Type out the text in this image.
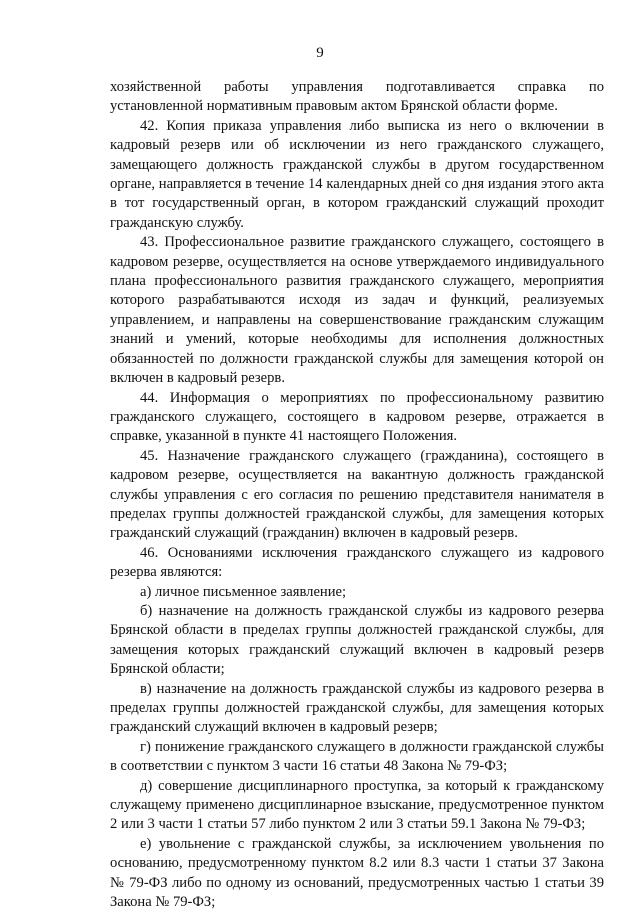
9

хозяйственной работы управления подготавливается справка по установленной нормативным правовым актом Брянской области форме.

42. Копия приказа управления либо выписка из него о включении в кадровый резерв или об исключении из него гражданского служащего, замещающего должность гражданской службы в другом государственном органе, направляется в течение 14 календарных дней со дня издания этого акта в тот государственный орган, в котором гражданский служащий проходит гражданскую службу.

43. Профессиональное развитие гражданского служащего, состоящего в кадровом резерве, осуществляется на основе утверждаемого индивидуального плана профессионального развития гражданского служащего, мероприятия которого разрабатываются исходя из задач и функций, реализуемых управлением, и направлены на совершенствование гражданским служащим знаний и умений, которые необходимы для исполнения должностных обязанностей по должности гражданской службы для замещения которой он включен в кадровый резерв.

44. Информация о мероприятиях по профессиональному развитию гражданского служащего, состоящего в кадровом резерве, отражается в справке, указанной в пункте 41 настоящего Положения.

45. Назначение гражданского служащего (гражданина), состоящего в кадровом резерве, осуществляется на вакантную должность гражданской службы управления с его согласия по решению представителя нанимателя в пределах группы должностей гражданской службы, для замещения которых гражданский служащий (гражданин) включен в кадровый резерв.

46. Основаниями исключения гражданского служащего из кадрового резерва являются:

а) личное письменное заявление;

б) назначение на должность гражданской службы из кадрового резерва Брянской области в пределах группы должностей гражданской службы, для замещения которых гражданский служащий включен в кадровый резерв Брянской области;

в) назначение на должность гражданской службы из кадрового резерва в пределах группы должностей гражданской службы, для замещения которых гражданский служащий включен в кадровый резерв;

г) понижение гражданского служащего в должности гражданской службы в соответствии с пунктом 3 части 16 статьи 48 Закона № 79-ФЗ;

д) совершение дисциплинарного проступка, за который к гражданскому служащему применено дисциплинарное взыскание, предусмотренное пунктом 2 или 3 части 1 статьи 57 либо пунктом 2 или 3 статьи 59.1 Закона № 79-ФЗ;

е) увольнение с гражданской службы, за исключением увольнения по основанию, предусмотренному пунктом 8.2 или 8.3 части 1 статьи 37 Закона № 79-ФЗ либо по одному из оснований, предусмотренных частью 1 статьи 39 Закона № 79-ФЗ;
